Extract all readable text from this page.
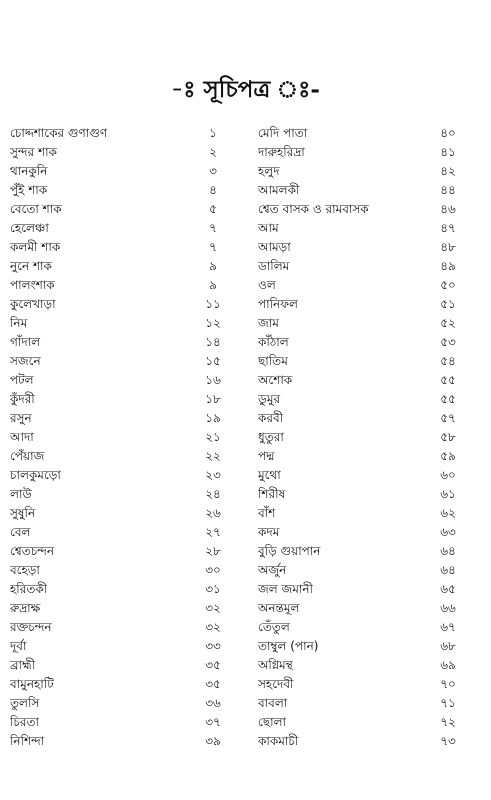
-ঃ সূচিপত্র ঃ-
চোদ্দশাকের গুণাগুণ	১
সুন্দর শাক	২
থানকুনি	৩
পুঁই শাক	৪
বেতো শাক	৫
হেলেঞ্চা	৭
কলমী শাক	৭
নুনে শাক	৯
পালংশাক	৯
কুলেখাড়া	১১
নিম	১২
গাঁদাল	১৪
সজনে	১৫
পটল	১৬
কুঁদরী	১৮
রসুন	১৯
আদা	২১
পেঁয়াজ	২২
চালকুমড়ো	২৩
লাউ	২৪
সুষুনি	২৬
বেল	২৭
শ্বেতচন্দন	২৮
বহেড়া	৩০
হরিতকী	৩১
রুদ্রাক্ষ	৩২
রক্তচন্দন	৩২
দূর্বা	৩৩
ব্রাহ্মী	৩৫
বামুনহাটি	৩৫
তুলসি	৩৬
চিরতা	৩৭
নিশিন্দা	৩৯
মেদি পাতা	৪০
দারুহরিদ্রা	৪১
হলুদ	৪২
আমলকী	৪৪
শ্বেত বাসক ও রামবাসক	৪৬
আম	৪৭
আমড়া	৪৮
ডালিম	৪৯
ওল	৫০
পানিফল	৫১
জাম	৫২
কাঁঠাল	৫৩
ছাতিম	৫৪
অশোক	৫৫
ডুমুর	৫৫
করবী	৫৭
ধুতুরা	৫৮
পদ্ম	৫৯
মুথো	৬০
শিরীষ	৬১
বাঁশ	৬২
কদম	৬৩
বুড়ি গুয়াপান	৬৪
অর্জুন	৬৪
জল জমানী	৬৫
অনন্তমূল	৬৬
তেঁতুল	৬৭
তাম্বুল (পান)	৬৮
অগ্নিমন্থ	৬৯
সহদেবী	৭০
বাবলা	৭১
ছোলা	৭২
কাকমাচী	৭৩
